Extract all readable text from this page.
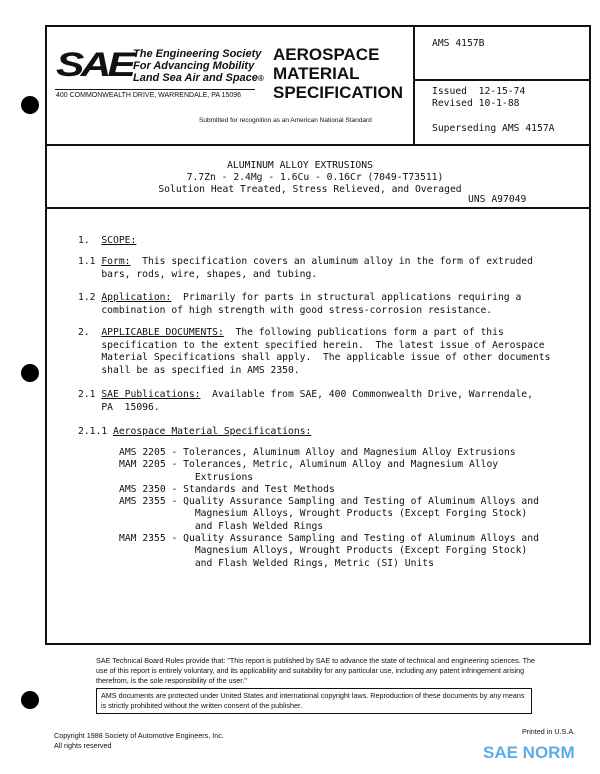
SAE The Engineering Society
For Advancing Mobility
Land Sea Air and Space®
400 COMMONWEALTH DRIVE, WARRENDALE, PA 15096
AEROSPACE
MATERIAL
SPECIFICATION
Submitted for recognition as an American National Standard
AMS 4157B
Issued  12-15-74
Revised 10-1-88
Superseding AMS 4157A
ALUMINUM ALLOY EXTRUSIONS
7.7Zn - 2.4Mg - 1.6Cu - 0.16Cr (7049-T73511)
Solution Heat Treated, Stress Relieved, and Overaged
UNS A97049
1. SCOPE:
1.1 Form:  This specification covers an aluminum alloy in the form of extruded
bars, rods, wire, shapes, and tubing.
1.2 Application:  Primarily for parts in structural applications requiring a
combination of high strength with good stress-corrosion resistance.
2. APPLICABLE DOCUMENTS:  The following publications form a part of this
specification to the extent specified herein.  The latest issue of Aerospace
Material Specifications shall apply.  The applicable issue of other documents
shall be as specified in AMS 2350.
2.1 SAE Publications:  Available from SAE, 400 Commonwealth Drive, Warrendale,
PA  15096.
2.1.1 Aerospace Material Specifications:
AMS 2205 - Tolerances, Aluminum Alloy and Magnesium Alloy Extrusions
MAM 2205 - Tolerances, Metric, Aluminum Alloy and Magnesium Alloy
Extrusions
AMS 2350 - Standards and Test Methods
AMS 2355 - Quality Assurance Sampling and Testing of Aluminum Alloys and
Magnesium Alloys, Wrought Products (Except Forging Stock)
and Flash Welded Rings
MAM 2355 - Quality Assurance Sampling and Testing of Aluminum Alloys and
Magnesium Alloys, Wrought Products (Except Forging Stock)
and Flash Welded Rings, Metric (SI) Units
SAE Technical Board Rules provide that: "This report is published by SAE to advance the state of technical and engineering sciences. The use of this report is entirely voluntary, and its applicability and suitability for any particular use, including any patent infringement arising therefrom, is the sole responsibility of the user."
AMS documents are protected under United States and international copyright laws. Reproduction of these documents by any means is strictly prohibited without the written consent of the publisher.
Copyright 1988 Society of Automotive Engineers, Inc.
All rights reserved
Printed in U.S.A.
SAE NORM
